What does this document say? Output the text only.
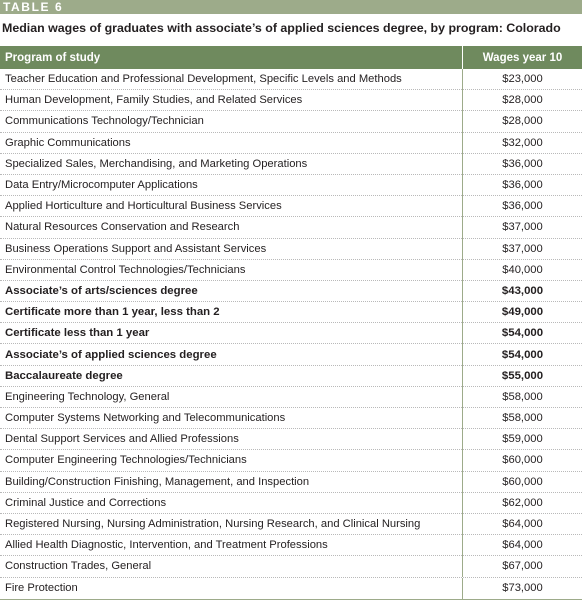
TABLE 6
Median wages of graduates with associate’s of applied sciences degree, by program: Colorado
Program of study	Wages year 10
Teacher Education and Professional Development, Specific Levels and Methods	$23,000
Human Development, Family Studies, and Related Services	$28,000
Communications Technology/Technician	$28,000
Graphic Communications	$32,000
Specialized Sales, Merchandising, and Marketing Operations	$36,000
Data Entry/Microcomputer Applications	$36,000
Applied Horticulture and Horticultural Business Services	$36,000
Natural Resources Conservation and Research	$37,000
Business Operations Support and Assistant Services	$37,000
Environmental Control Technologies/Technicians	$40,000
Associate’s of arts/sciences degree	$43,000
Certificate more than 1 year, less than 2	$49,000
Certificate less than 1 year	$54,000
Associate’s of applied sciences degree	$54,000
Baccalaureate degree	$55,000
Engineering Technology, General	$58,000
Computer Systems Networking and Telecommunications	$58,000
Dental Support Services and Allied Professions	$59,000
Computer Engineering Technologies/Technicians	$60,000
Building/Construction Finishing, Management, and Inspection	$60,000
Criminal Justice and Corrections	$62,000
Registered Nursing, Nursing Administration, Nursing Research, and Clinical Nursing	$64,000
Allied Health Diagnostic, Intervention, and Treatment Professions	$64,000
Construction Trades, General	$67,000
Fire Protection	$73,000
